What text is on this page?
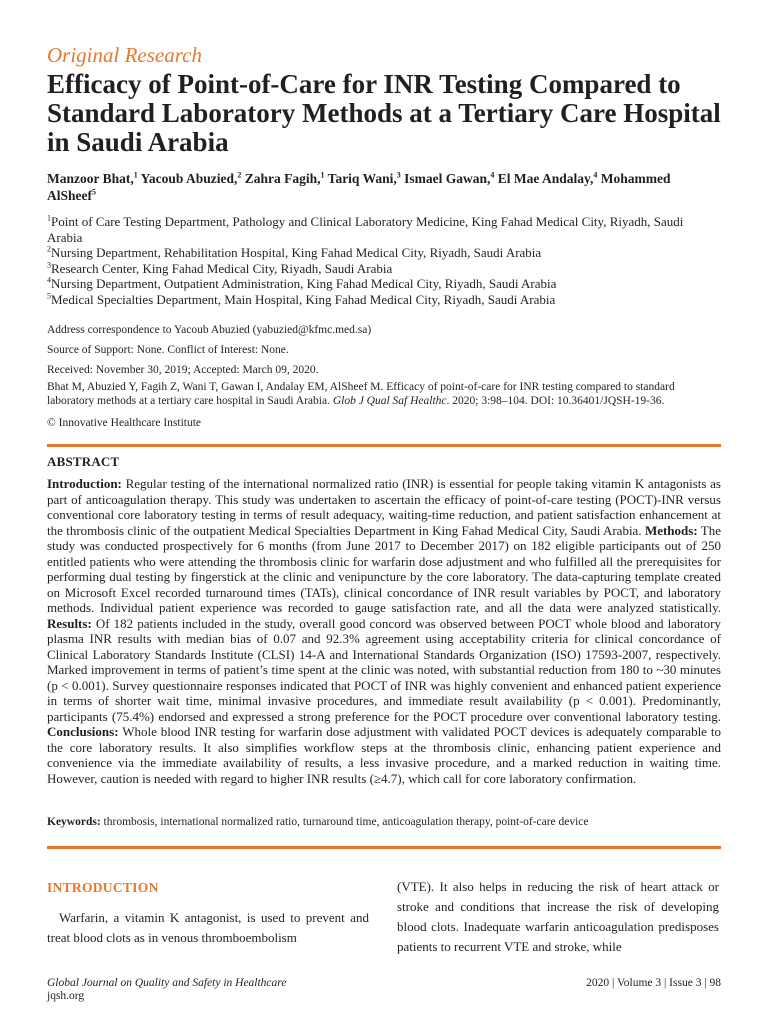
Original Research
Efficacy of Point-of-Care for INR Testing Compared to Standard Laboratory Methods at a Tertiary Care Hospital in Saudi Arabia
Manzoor Bhat,$^1$ Yacoub Abuzied,$^2$ Zahra Fagih,$^1$ Tariq Wani,$^3$ Ismael Gawan,$^4$ El Mae Andalay,$^4$ Mohammed AlSheef$^5$
$^1$Point of Care Testing Department, Pathology and Clinical Laboratory Medicine, King Fahad Medical City, Riyadh, Saudi Arabia
$^2$Nursing Department, Rehabilitation Hospital, King Fahad Medical City, Riyadh, Saudi Arabia
$^3$Research Center, King Fahad Medical City, Riyadh, Saudi Arabia
$^4$Nursing Department, Outpatient Administration, King Fahad Medical City, Riyadh, Saudi Arabia
$^5$Medical Specialties Department, Main Hospital, King Fahad Medical City, Riyadh, Saudi Arabia
Address correspondence to Yacoub Abuzied (yabuzied@kfmc.med.sa)
Source of Support: None. Conflict of Interest: None.
Received: November 30, 2019; Accepted: March 09, 2020.
Bhat M, Abuzied Y, Fagih Z, Wani T, Gawan I, Andalay EM, AlSheef M. Efficacy of point-of-care for INR testing compared to standard laboratory methods at a tertiary care hospital in Saudi Arabia. Glob J Qual Saf Healthc. 2020; 3:98–104. DOI: 10.36401/JQSH-19-36.
© Innovative Healthcare Institute
ABSTRACT

Introduction: Regular testing of the international normalized ratio (INR) is essential for people taking vitamin K antagonists as part of anticoagulation therapy. This study was undertaken to ascertain the efficacy of point-of-care testing (POCT)-INR versus conventional core laboratory testing in terms of result adequacy, waiting-time reduction, and patient satisfaction enhancement at the thrombosis clinic of the outpatient Medical Specialties Department in King Fahad Medical City, Saudi Arabia. Methods: The study was conducted prospectively for 6 months (from June 2017 to December 2017) on 182 eligible participants out of 250 entitled patients who were attending the thrombosis clinic for warfarin dose adjustment and who fulfilled all the prerequisites for performing dual testing by fingerstick at the clinic and venipuncture by the core laboratory. The data-capturing template created on Microsoft Excel recorded turnaround times (TATs), clinical concordance of INR result variables by POCT, and laboratory methods. Individual patient experience was recorded to gauge satisfaction rate, and all the data were analyzed statistically. Results: Of 182 patients included in the study, overall good concord was observed between POCT whole blood and laboratory plasma INR results with median bias of 0.07 and 92.3% agreement using acceptability criteria for clinical concordance of Clinical Laboratory Standards Institute (CLSI) 14-A and International Standards Organization (ISO) 17593-2007, respectively. Marked improvement in terms of patient’s time spent at the clinic was noted, with substantial reduction from 180 to ~30 minutes (p < 0.001). Survey questionnaire responses indicated that POCT of INR was highly convenient and enhanced patient experience in terms of shorter wait time, minimal invasive procedures, and immediate result availability (p < 0.001). Predominantly, participants (75.4%) endorsed and expressed a strong preference for the POCT procedure over conventional laboratory testing. Conclusions: Whole blood INR testing for warfarin dose adjustment with validated POCT devices is adequately comparable to the core laboratory results. It also simplifies workflow steps at the thrombosis clinic, enhancing patient experience and convenience via the immediate availability of results, a less invasive procedure, and a marked reduction in waiting time. However, caution is needed with regard to higher INR results (≥4.7), which call for core laboratory confirmation.

Keywords: thrombosis, international normalized ratio, turnaround time, anticoagulation therapy, point-of-care device
INTRODUCTION

Warfarin, a vitamin K antagonist, is used to prevent and treat blood clots as in venous thromboembolism

(VTE). It also helps in reducing the risk of heart attack or stroke and conditions that increase the risk of developing blood clots. Inadequate warfarin anticoagulation predisposes patients to recurrent VTE and stroke, while

Global Journal on Quality and Safety in Healthcare
jqsh.org
2020 | Volume 3 | Issue 3 | 98
